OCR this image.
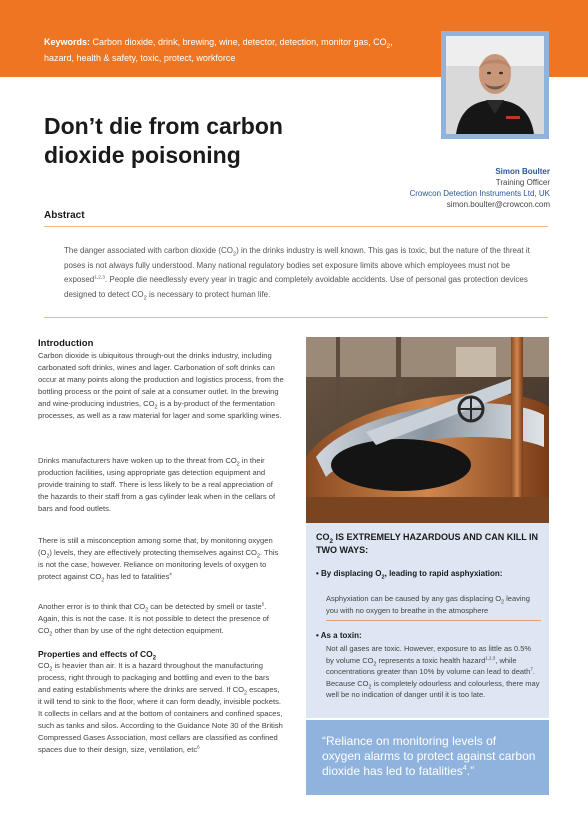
Keywords: Carbon dioxide, drink, brewing, wine, detector, detection, monitor gas, $CO_2$, hazard, health & safety, toxic, protect, workforce
Don’t die from carbon dioxide poisoning
Simon Boulter
Training Officer
Crowcon Detection Instruments Ltd, UK
simon.boulter@crowcon.com
Abstract
The danger associated with carbon dioxide $(CO_2)$ in the drinks industry is well known. This gas is toxic, but the nature of the threat it poses is not always fully understood. Many national regulatory bodies set exposure limits above which employees must not be exposed$^{1,2,3}$. People die needlessly every year in tragic and completely avoidable accidents. Use of personal gas protection devices designed to detect $CO_2$ is necessary to protect human life.
Introduction

Carbon dioxide is ubiquitous through-out the drinks industry, including carbonated soft drinks, wines and lager. Carbonation of soft drinks can occur at many points along the production and logistics process, from the bottling process or the point of sale at a consumer outlet. In the brewing and wine-producing industries, $CO_2$ is a by-product of the fermentation processes, as well as a raw material for lager and some sparkling wines.

Drinks manufacturers have woken up to the threat from $CO_2$ in their production facilities, using appropriate gas detection equipment and provide training to staff. There is less likely to be a real appreciation of the hazards to their staff from a gas cylinder leak when in the cellars of bars and food outlets.

There is still a misconception among some that, by monitoring oxygen $(O_2)$ levels, they are effectively protecting themselves against $CO_2$. This is not the case, however. Reliance on monitoring levels of oxygen to protect against $CO_2$ has led to fatalities$^4$

Another error is to think that $CO_2$ can be detected by smell or taste$^5$. Again, this is not the case. It is not possible to detect the presence of $CO_2$ other than by use of the right detection equipment.

Properties and effects of $CO_2$

$CO_2$ is heavier than air. It is a hazard throughout the manufacturing process, right through to packaging and bottling and even to the bars and eating establishments where the drinks are served. If $CO_2$ escapes, it will tend to sink to the floor, where it can form deadly, invisible pockets. It collects in cellars and at the bottom of containers and confined spaces, such as tanks and silos. According to the Guidance Note 30 of the British Compressed Gases Association, most cellars are classified as confined spaces due to their design, size, ventilation, etc$^6$

$CO_2$ IS EXTREMELY HAZARDOUS AND CAN KILL IN TWO WAYS:
• By displacing $O_2$, leading to rapid asphyxiation:
Asphyxiation can be caused by any gas displacing $O_2$ leaving you with no oxygen to breathe in the atmosphere
• As a toxin:
Not all gases are toxic. However, exposure to as little as 0.5% by volume $CO_2$ represents a toxic health hazard$^{1,2,3}$, while concentrations greater than 10% by volume can lead to death$^7$. Because $CO_2$ is completely odourless and colourless, there may well be no indication of danger until it is too late.
“Reliance on monitoring levels of oxygen alarms to protect against carbon dioxide has led to fatalities$^4$.”
